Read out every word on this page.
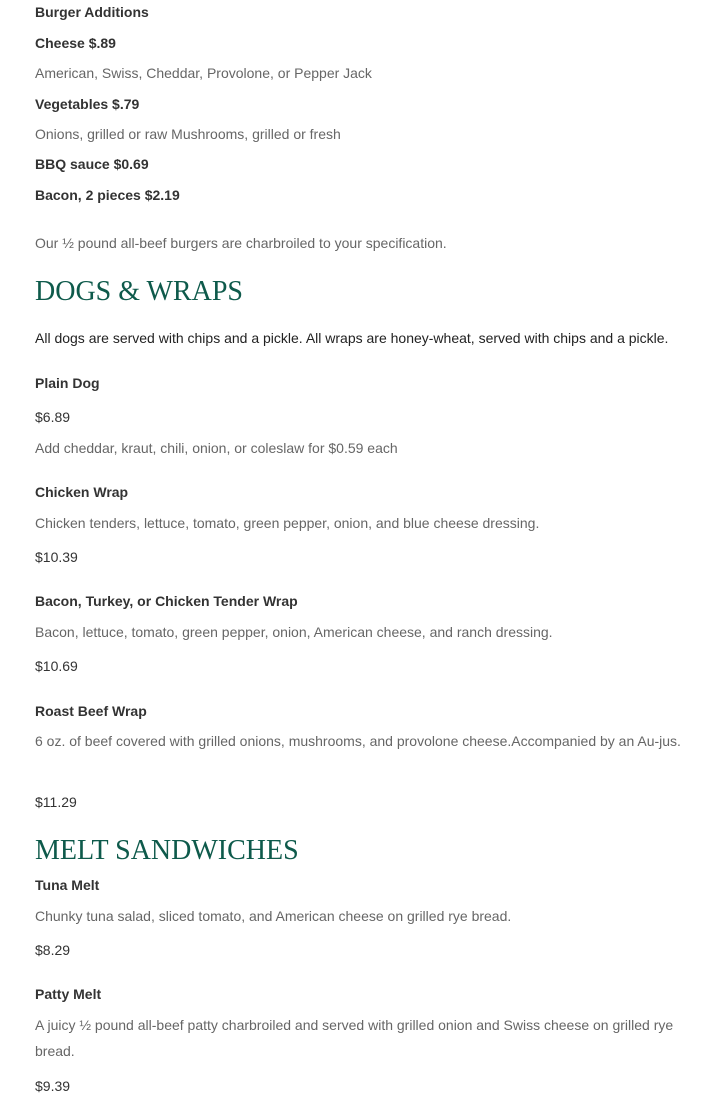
Burger Additions
Cheese $.89
American, Swiss, Cheddar, Provolone, or Pepper Jack
Vegetables $.79
Onions, grilled or raw Mushrooms, grilled or fresh
BBQ sauce $0.69
Bacon, 2 pieces $2.19
Our ½ pound all-beef burgers are charbroiled to your specification.
DOGS & WRAPS
All dogs are served with chips and a pickle. All wraps are honey-wheat, served with chips and a pickle.
Plain Dog
$6.89
Add cheddar, kraut, chili, onion, or coleslaw for $0.59 each
Chicken Wrap
Chicken tenders, lettuce, tomato, green pepper, onion, and blue cheese dressing.
$10.39
Bacon, Turkey, or Chicken Tender Wrap
Bacon, lettuce, tomato, green pepper, onion, American cheese, and ranch dressing.
$10.69
Roast Beef Wrap
6 oz. of beef covered with grilled onions, mushrooms, and provolone cheese.Accompanied by an Au-jus.
$11.29
MELT SANDWICHES
Tuna Melt
Chunky tuna salad, sliced tomato, and American cheese on grilled rye bread.
$8.29
Patty Melt
A juicy ½ pound all-beef patty charbroiled and served with grilled onion and Swiss cheese on grilled rye bread.
$9.39
